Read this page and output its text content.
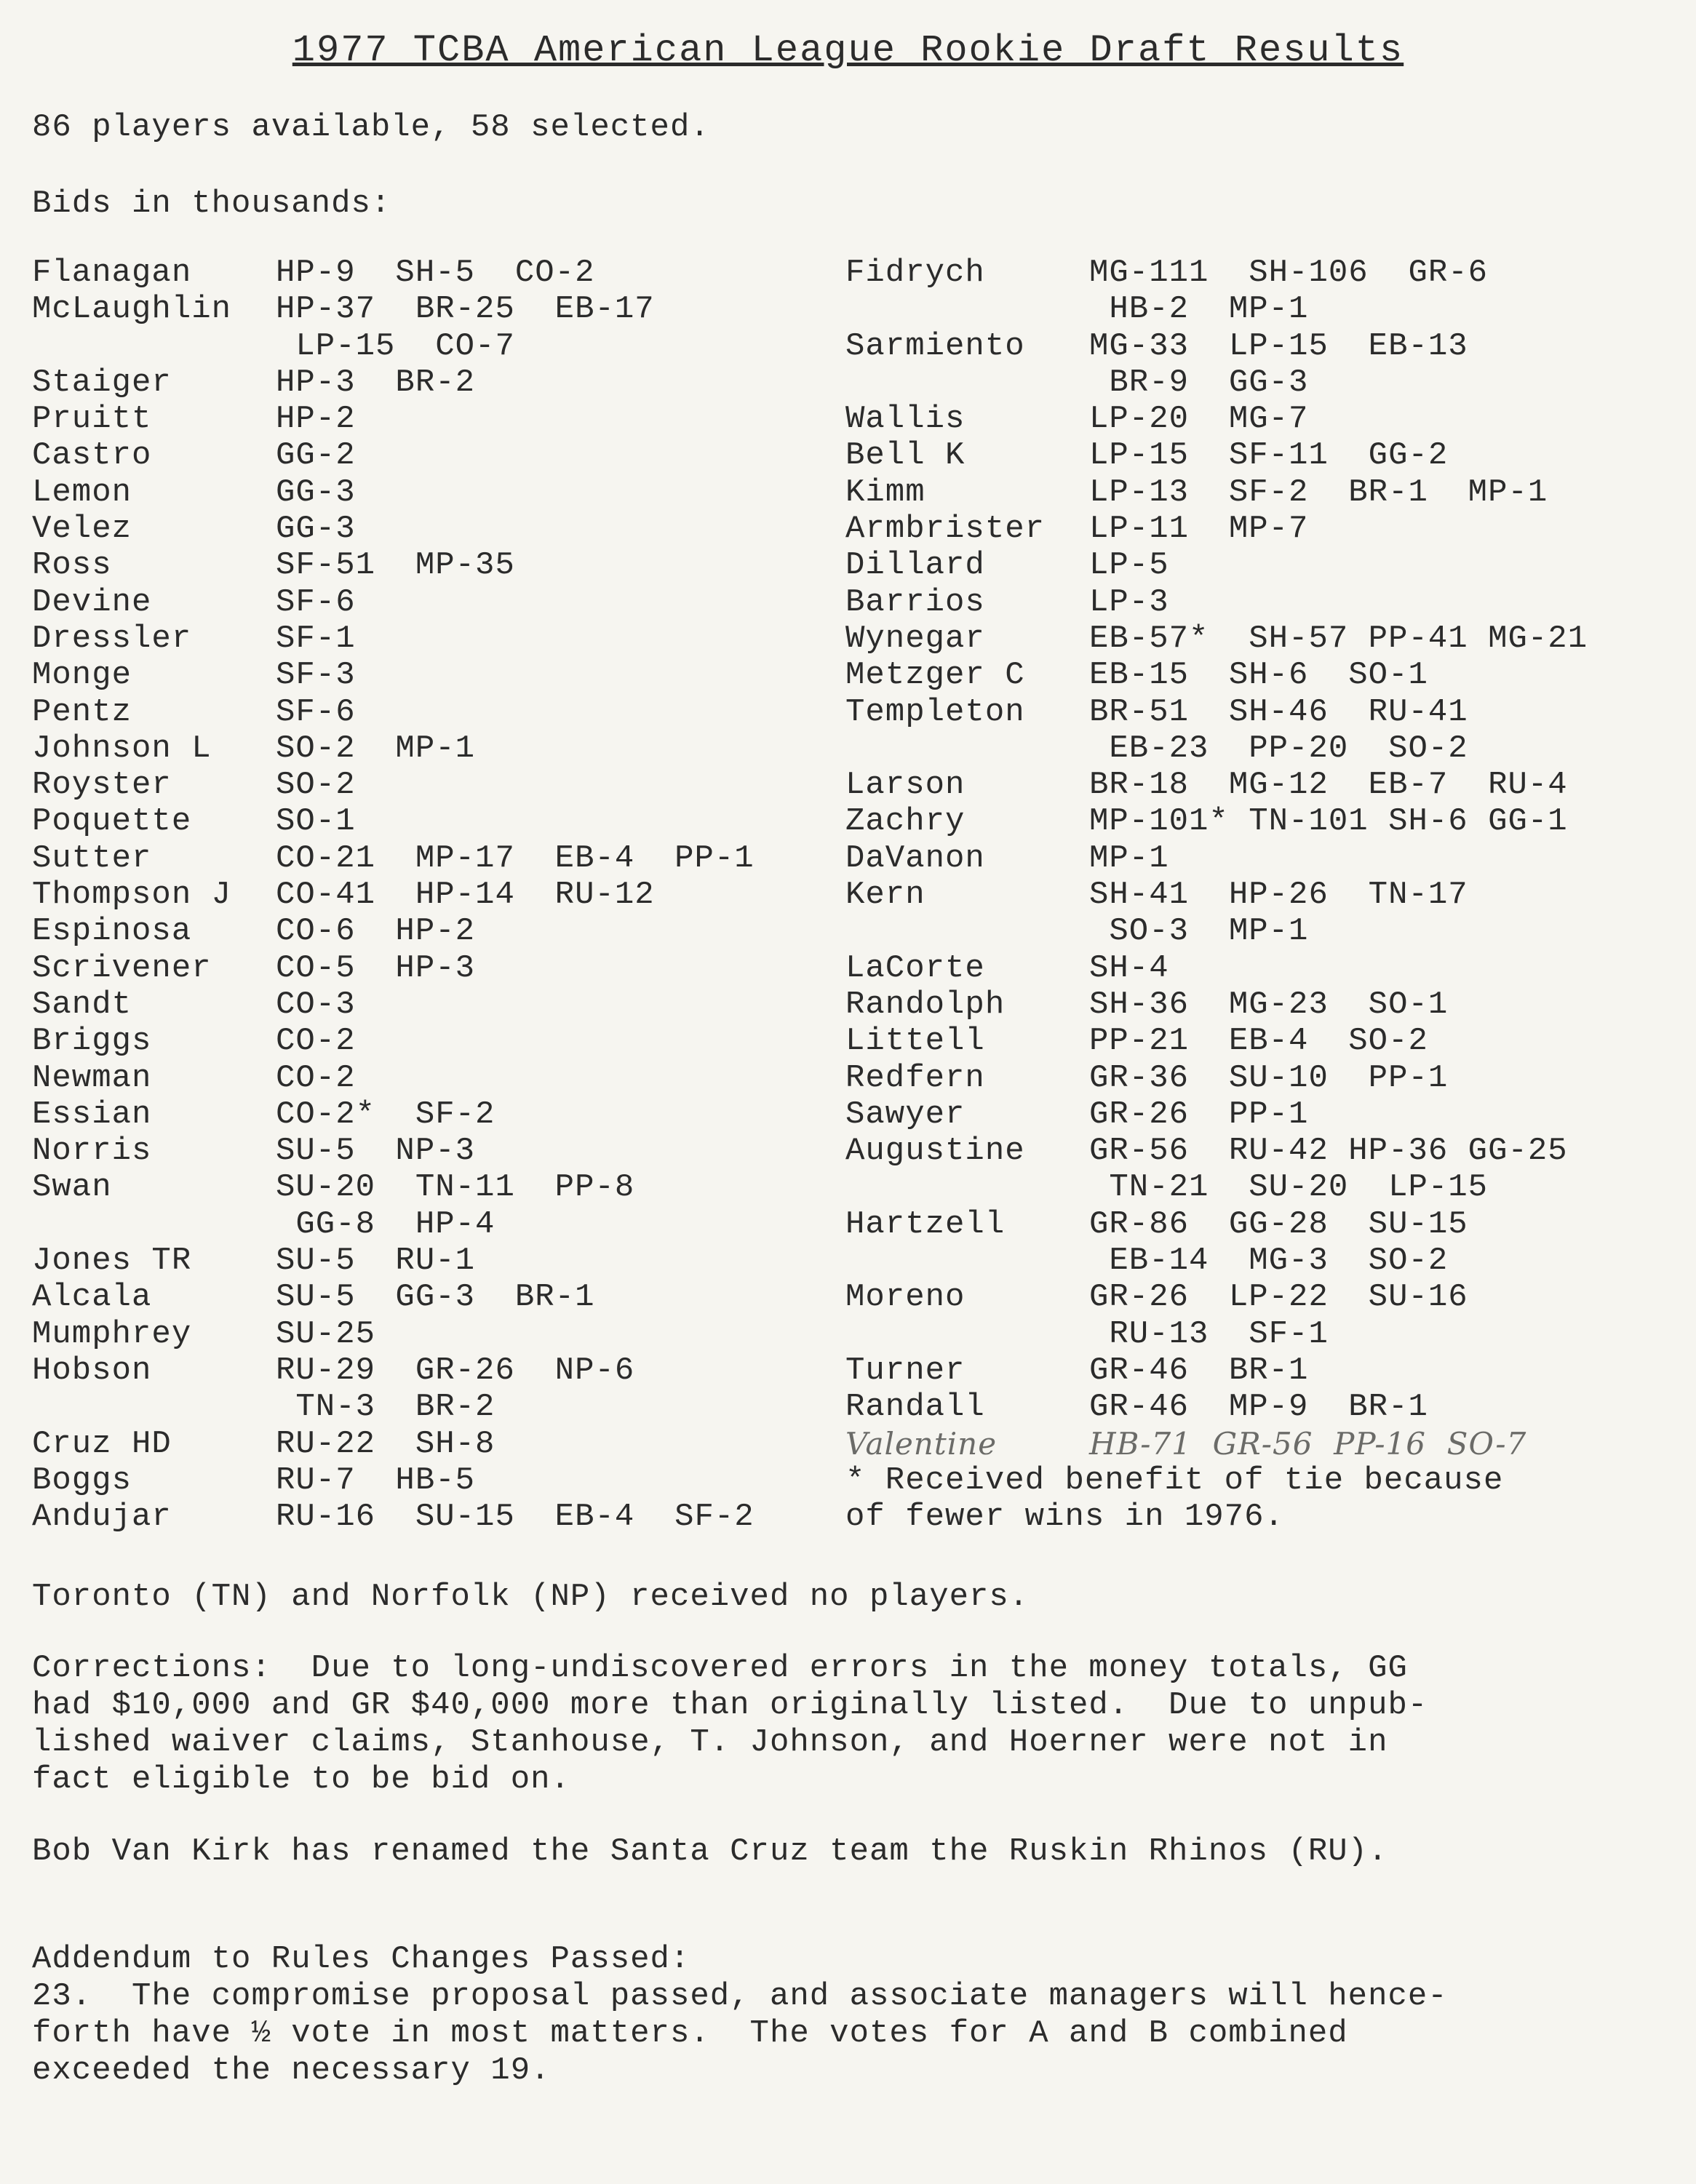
1977 TCBA American League Rookie Draft Results
86 players available, 58 selected.
Bids in thousands:
Flanagan	HP-9  SH-5  CO-2
McLaughlin HP-37  BR-25  EB-17
LP-15  CO-7
Staiger	HP-3  BR-2
Pruitt	HP-2
Castro	GG-2
Lemon	GG-3
Velez	GG-3
Ross	SF-51  MP-35
Devine	SF-6
Dressler	SF-1
Monge	SF-3
Pentz	SF-6
Johnson L SO-2  MP-1
Royster	SO-2
Poquette	SO-1
Sutter	CO-21  MP-17  EB-4  PP-1
Thompson J CO-41  HP-14  RU-12
Espinosa	CO-6  HP-2
Scrivener CO-5  HP-3
Sandt	CO-3
Briggs	CO-2
Newman	CO-2
Essian	CO-2*  SF-2
Norris	SU-5  NP-3
Swan	SU-20  TN-11  PP-8
GG-8  HP-4
Jones TR	SU-5  RU-1
Alcala	SU-5  GG-3  BR-1
Mumphrey	SU-25
Hobson	RU-29  GR-26  NP-6
TN-3  BR-2
Cruz HD	RU-22  SH-8
Boggs	RU-7  HB-5
Andujar	RU-16  SU-15  EB-4  SF-2
Fidrych	MG-111  SH-106  GR-6
HB-2  MP-1
Sarmiento MG-33  LP-15  EB-13
BR-9  GG-3
Wallis	LP-20  MG-7
Bell K	LP-15  SF-11  GG-2
Kimm	LP-13  SF-2  BR-1  MP-1
Armbrister LP-11  MP-7
Dillard	LP-5
Barrios	LP-3
Wynegar	EB-57*  SH-57 PP-41 MG-21
Metzger C EB-15  SH-6  SO-1
Templeton BR-51  SH-46  RU-41
EB-23  PP-20  SO-2
Larson	BR-18  MG-12  EB-7  RU-4
Zachry	MP-101* TN-101 SH-6 GG-1
DaVanon	MP-1
Kern	SH-41  HP-26  TN-17
SO-3  MP-1
LaCorte	SH-4
Randolph	SH-36  MG-23  SO-1
Littell	PP-21  EB-4  SO-2
Redfern	GR-36  SU-10  PP-1
Sawyer	GR-26  PP-1
Augustine GR-56  RU-42 HP-36 GG-25
TN-21  SU-20  LP-15
Hartzell	GR-86  GG-28  SU-15
EB-14  MG-3  SO-2
Moreno	GR-26  LP-22  SU-16
RU-13  SF-1
Turner	GR-46  BR-1
Randall	GR-46  MP-9  BR-1
Valentine	HB-71  GR-56  PP-16  SO-7
* Received benefit of tie because
of fewer wins in 1976.
Toronto (TN) and Norfolk (NP) received no players.
Corrections:  Due to long-undiscovered errors in the money totals, GG
had $10,000 and GR $40,000 more than originally listed.  Due to unpub-
lished waiver claims, Stanhouse, T. Johnson, and Hoerner were not in
fact eligible to be bid on.
Bob Van Kirk has renamed the Santa Cruz team the Ruskin Rhinos (RU).
Addendum to Rules Changes Passed:
23.  The compromise proposal passed, and associate managers will hence-
forth have ½ vote in most matters.  The votes for A and B combined
exceeded the necessary 19.
